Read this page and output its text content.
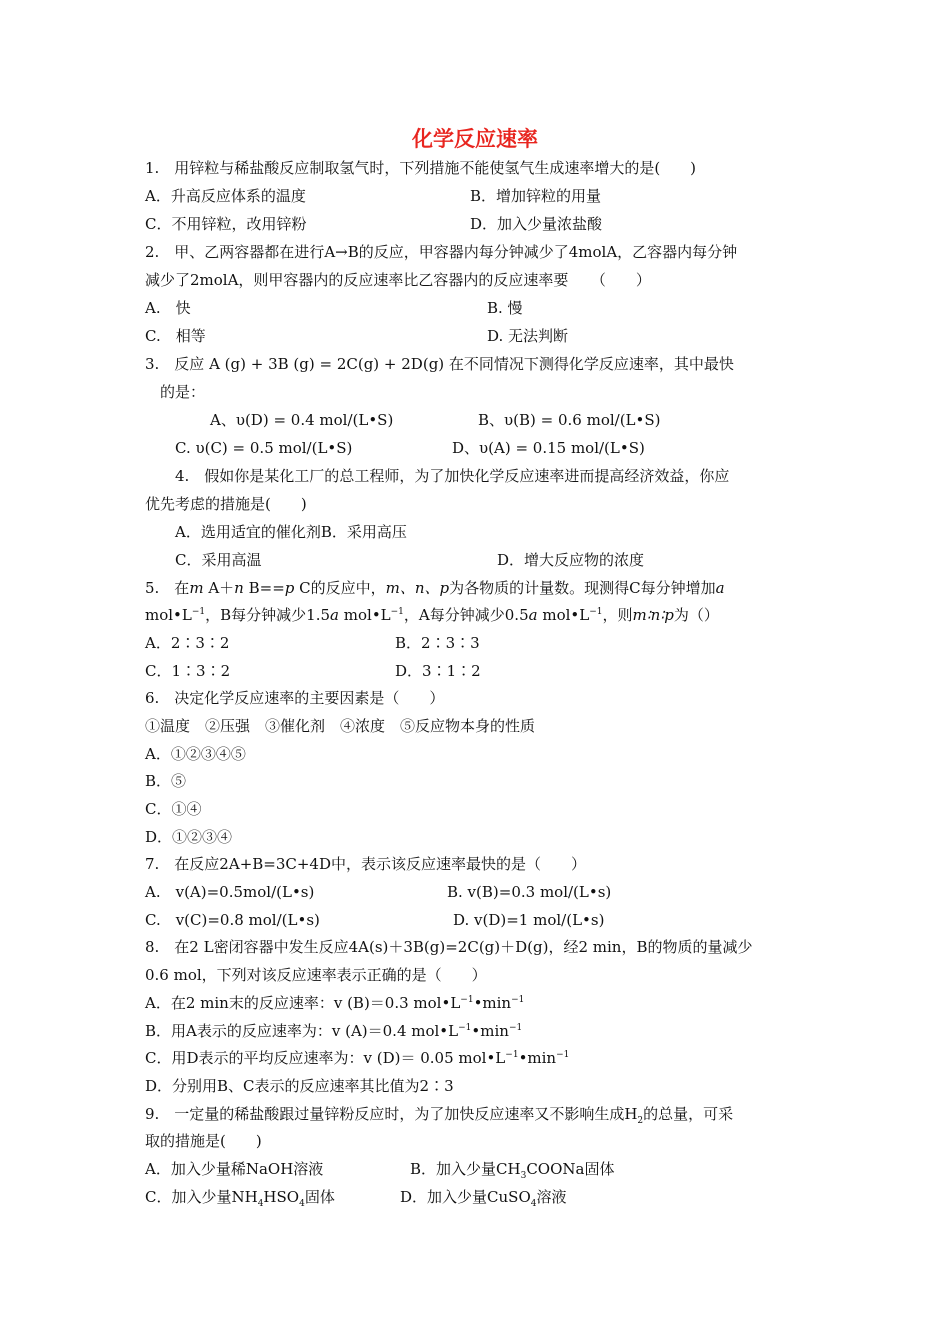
化学反应速率
1.　用锌粒与稀盐酸反应制取氢气时，下列措施不能使氢气生成速率增大的是(　　)
A．升高反应体系的温度	B．增加锌粒的用量
C．不用锌粒，改用锌粉	D．加入少量浓盐酸
2.　甲、乙两容器都在进行A→B的反应，甲容器内每分钟减少了4molA，乙容器内每分钟
减少了2molA，则甲容器内的反应速率比乙容器内的反应速率要　　（　　）
A.　快	B. 慢
C.　相等	D. 无法判断
3.　反应 A (g) + 3B (g) = 2C(g) + 2D(g) 在不同情况下测得化学反应速率，其中最快
的是：
A、υ(D) = 0.4 mol/(L•S)	B、υ(B) = 0.6 mol/(L•S)
C. υ(C) = 0.5 mol/(L•S)	D、υ(A) = 0.15 mol/(L•S)
4.　假如你是某化工厂的总工程师，为了加快化学反应速率进而提高经济效益，你应
优先考虑的措施是(　　)
A．选用适宜的催化剂B．采用高压
C．采用高温	D．增大反应物的浓度
5.　在m A＋n B==p C的反应中，m、n、p为各物质的计量数。现测得C每分钟增加a
$mol•L^{-1}$，B每分钟减少1.5a $mol•L^{-1}$，A每分钟减少0.5a $mol•L^{-1}$，则m∶n∶p为（）
A．2∶3∶2	B．2∶3∶3
C．1∶3∶2	D．3∶1∶2
6.　决定化学反应速率的主要因素是（　　）
①温度　②压强　③催化剂　④浓度　⑤反应物本身的性质
A．①②③④⑤
B．⑤
C．①④
D．①②③④
7.　在反应2A+B=3C+4D中，表示该反应速率最快的是（　　）
A.　v(A)=0.5mol/(L•s)	B. v(B)=0.3 mol/(L•s)
C.　v(C)=0.8 mol/(L•s)	D. v(D)=1 mol/(L•s)
8.　在2 L密闭容器中发生反应4A(s)＋3B(g)=2C(g)＋D(g)，经2 min，B的物质的量减少
0.6 mol，下列对该反应速率表示正确的是（　　）
A．在2 min末的反应速率：v (B)＝0.3 $mol•L^{-1}•\min^{-1}$
B．用A表示的反应速率为：v (A)＝0.4 $mol•L^{-1}•\min^{-1}$
C．用D表示的平均反应速率为：v (D)＝ 0.05 $mol•L^{-1}•\min^{-1}$
D．分别用B、C表示的反应速率其比值为2∶3
9.　一定量的稀盐酸跟过量锌粉反应时，为了加快反应速率又不影响生成$H_2$的总量，可采
取的措施是(　　)
A．加入少量稀NaOH溶液	B．加入少量$CH_3COONa$固体
C．加入少量$NH_4HSO_4$固体	D．加入少量CuSO$_4$溶液
